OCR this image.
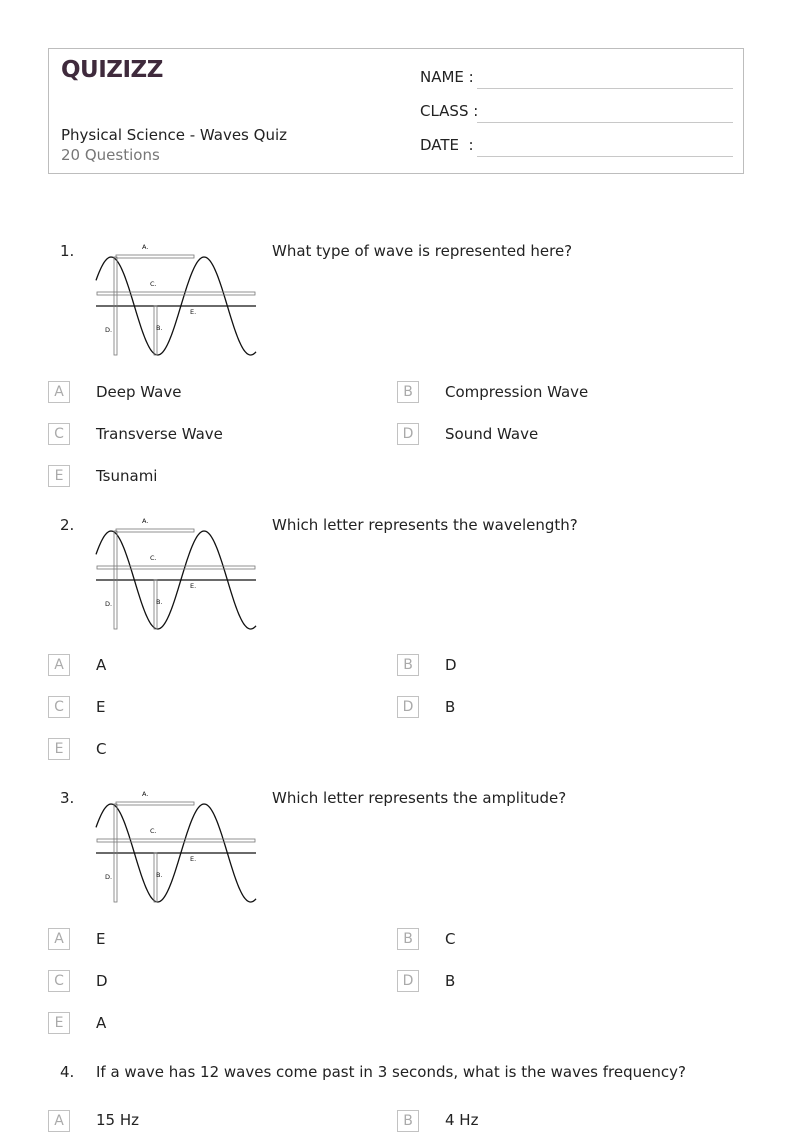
QUIZIZZ
Physical Science - Waves Quiz
20 Questions
NAME :
CLASS :
DATE  :
1.	A.
C.
E.
D.	B.
What type of wave is represented here?
A	Deep Wave	B	Compression Wave
C	Transverse Wave	D	Sound Wave
E	Tsunami
2.	A.
C.
E.
D.	B.
Which letter represents the wavelength?
A	A	B	D
C	E	D	B
E	C
3.	A.
C.
E.
D.	B.
Which letter represents the amplitude?
A	E	B	C
C	D	D	B
E	A
4. If a wave has 12 waves come past in 3 seconds, what is the waves frequency?
A	15 Hz	B	4 Hz
